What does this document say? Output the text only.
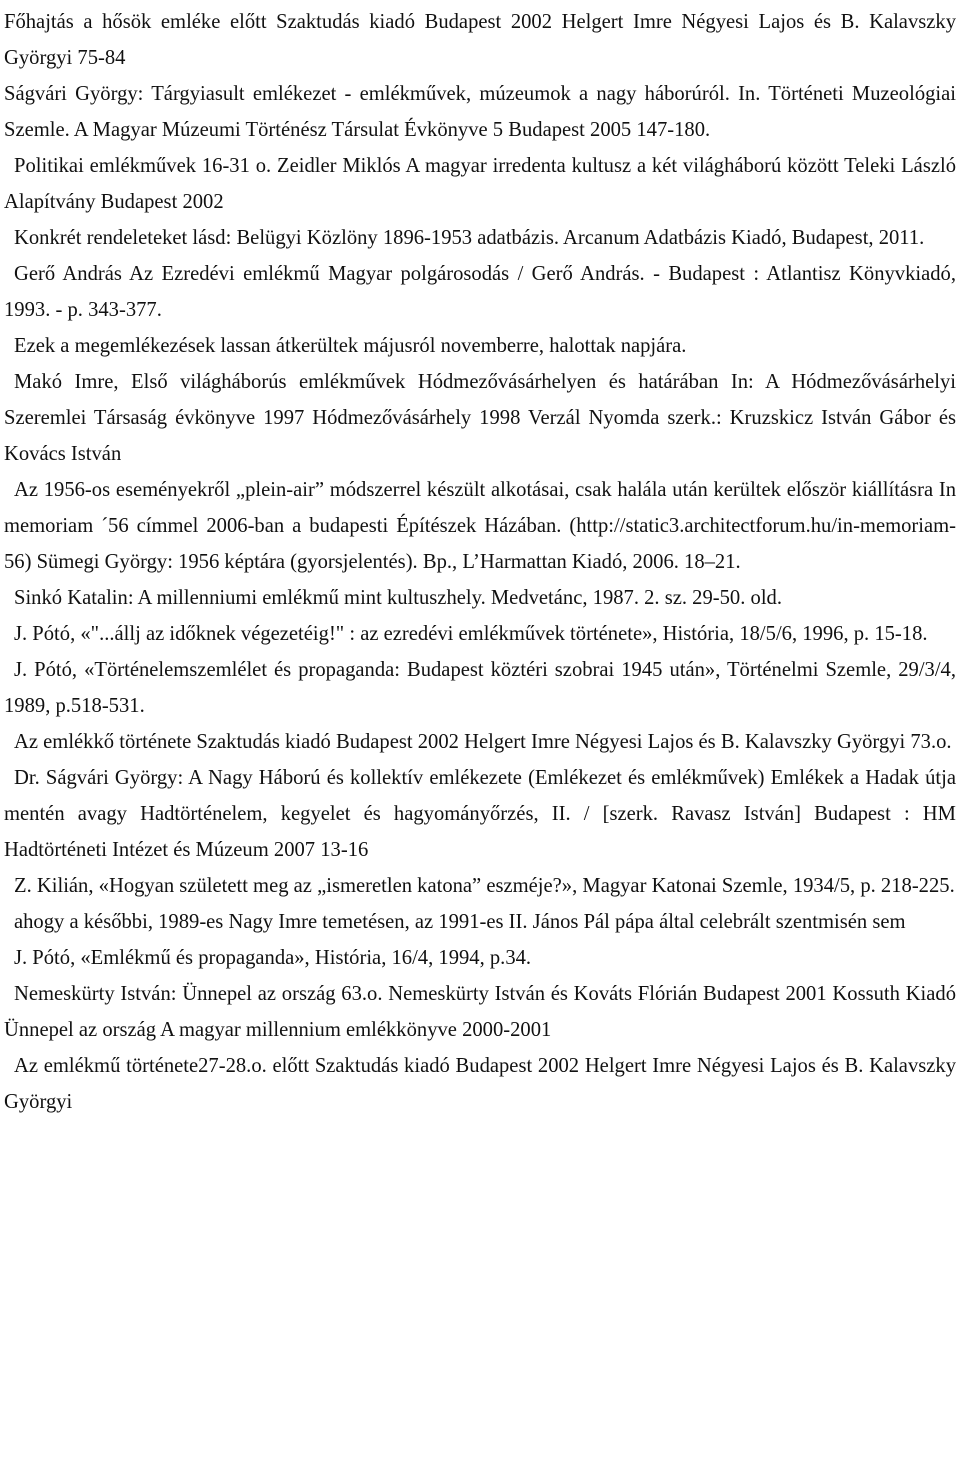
Főhajtás a hősök emléke előtt Szaktudás kiadó Budapest 2002 Helgert Imre Négyesi Lajos és B. Kalavszky Györgyi 75-84

Ságvári György: Tárgyiasult emlékezet - emlékművek, múzeumok a nagy háborúról. In. Történeti Muzeológiai Szemle. A Magyar Múzeumi Történész Társulat Évkönyve 5 Budapest 2005 147-180.

Politikai emlékművek 16-31 o. Zeidler Miklós A magyar irredenta kultusz a két világháború között Teleki László Alapítvány Budapest 2002

Konkrét rendeleteket lásd: Belügyi Közlöny 1896-1953 adatbázis. Arcanum Adatbázis Kiadó, Budapest, 2011.

Gerő András Az Ezredévi emlékmű Magyar polgárosodás / Gerő András. - Budapest : Atlantisz Könyvkiadó, 1993. - p. 343-377.

Ezek a megemlékezések lassan átkerültek májusról novemberre, halottak napjára.

Makó Imre, Első világháborús emlékművek Hódmezővásárhelyen és határában In: A Hódmezővásárhelyi Szeremlei Társaság évkönyve 1997 Hódmezővásárhely 1998 Verzál Nyomda szerk.: Kruzskicz István Gábor és Kovács István

Az 1956-os eseményekről „plein-air” módszerrel készült alkotásai, csak halála után kerültek először kiállításra In memoriam ´56 címmel 2006-ban a budapesti Építészek Házában. (http://static3.architectforum.hu/in-memoriam-56) Sümegi György: 1956 képtára (gyorsjelentés). Bp., L’Harmattan Kiadó, 2006. 18–21.

Sinkó Katalin: A millenniumi emlékmű mint kultuszhely. Medvetánc, 1987. 2. sz. 29-50. old.

J. Pótó, «"...állj az időknek végezetéig!" : az ezredévi emlékművek története», História, 18/5/6, 1996, p. 15-18.

J. Pótó, «Történelemszemlélet és propaganda: Budapest köztéri szobrai 1945 után», Történelmi Szemle, 29/3/4, 1989, p.518-531.

Az emlékkő története Szaktudás kiadó Budapest 2002 Helgert Imre Négyesi Lajos és B. Kalavszky Györgyi 73.o.

Dr. Ságvári György: A Nagy Háború és kollektív emlékezete (Emlékezet és emlékművek) Emlékek a Hadak útja mentén avagy Hadtörténelem, kegyelet és hagyományőrzés, II. / [szerk. Ravasz István] Budapest : HM Hadtörténeti Intézet és Múzeum 2007 13-16

Z. Kilián, «Hogyan született meg az „ismeretlen katona” eszméje?», Magyar Katonai Szemle, 1934/5, p. 218-225.

ahogy a későbbi, 1989-es Nagy Imre temetésen, az 1991-es II. János Pál pápa által celebrált szentmisén sem

J. Pótó, «Emlékmű és propaganda», História, 16/4, 1994, p.34.

Nemeskürty István: Ünnepel az ország 63.o. Nemeskürty István és Kováts Flórián Budapest 2001 Kossuth Kiadó Ünnepel az ország A magyar millennium emlékkönyve 2000-2001

Az emlékmű története27-28.o. előtt Szaktudás kiadó Budapest 2002 Helgert Imre Négyesi Lajos és B. Kalavszky Györgyi
